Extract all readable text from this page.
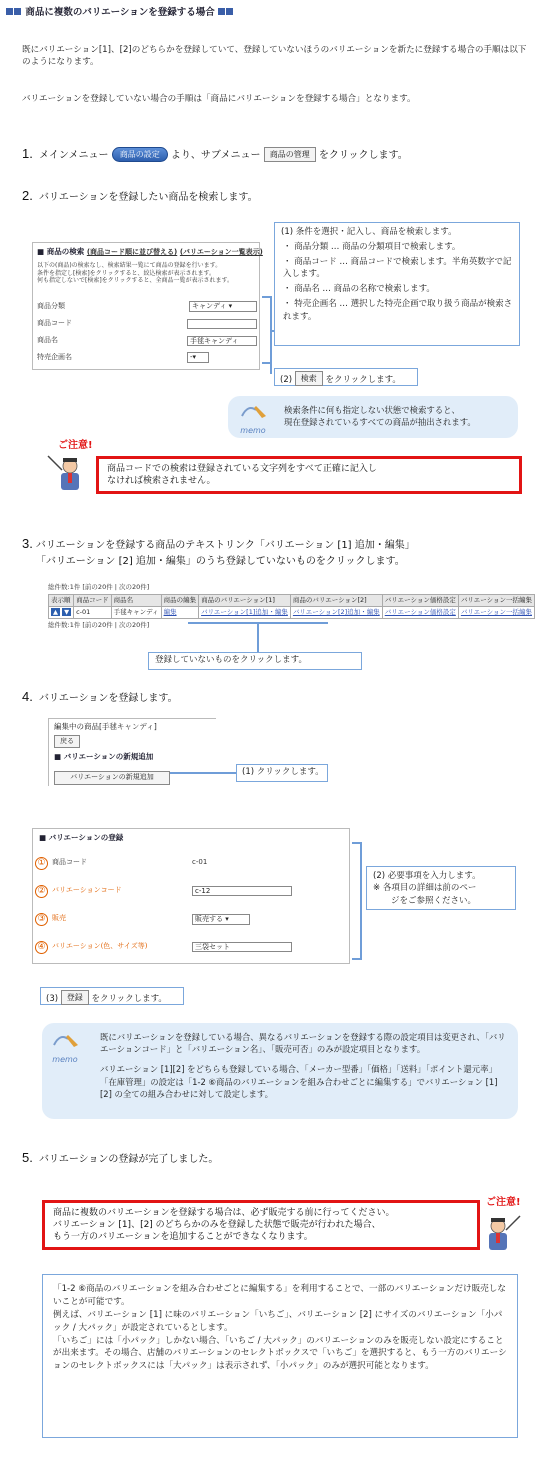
商品に複数のバリエーションを登録する場合
既にバリエーション[1]、[2]のどちらかを登録していて、登録していないほうのバリエーションを新たに登録する場合の手順は以下のようになります。
バリエーションを登録していない場合の手順は「商品にバリエーションを登録する場合」となります。
1. メインメニュー 商品の設定 より、サブメニュー 商品の管理 をクリックします。
2. バリエーションを登録したい商品を検索します。
■ 商品の検索 (商品コード順に並び替える) (バリエーション一覧表示)
以下の(商品)の検索なし、検索結果一覧にて商品の登録を行います。
条件を指定し[検索]をクリックすると、絞込検索が表示されます。
何も指定しないで[検索]をクリックすると、全商品一覧が表示されます。
商品分類	キャンディ ▾
商品コード
商品名	手毬キャンディ
特売企画名	-▾
(1) 条件を選択・記入し、商品を検索します。
・ 商品分類 … 商品の分類項目で検索します。
・ 商品コード … 商品コードで検索します。半角英数字で記入します。
・ 商品名 … 商品の名称で検索します。
・ 特売企画名 … 選択した特売企画で取り扱う商品が検索されます。
(2) 検索 をクリックします。
memo
検索条件に何も指定しない状態で検索すると、
現在登録されているすべての商品が抽出されます。
ご注意!
商品コードでの検索は登録されている文字列をすべて正確に記入し
なければ検索されません。
3. バリエーションを登録する商品のテキストリンク「バリエーション [1] 追加・編集」
「バリエーション [2] 追加・編集」のうち登録していないものをクリックします。
総件数:1件 [前の20件 | 次の20件]
表示順	商品コード	商品名	商品の編集	商品のバリエーション[1]	商品のバリエーション[2]	バリエーション価格設定	バリエーション一括編集
▲ ▼	c-01	手毬キャンディ	編集	バリエーション[1]追加・編集	バリエーション[2]追加・編集	バリエーション価格設定	バリエーション一括編集
総件数:1件 [前の20件 | 次の20件]
登録していないものをクリックします。
4. バリエーションを登録します。
編集中の商品[手毬キャンディ]
戻る
■ バリエーションの新規追加
バリエーションの新規追加	(1) クリックします。
■ バリエーションの登録
① 商品コード	c-01
② バリエーションコード	c-12
③ 販売	販売する ▾
④ バリエーション(色、サイズ等)	三袋セット
(2) 必要事項を入力します。
※ 各項目の詳細は前のペー
ジをご参照ください。
(3) 登録 をクリックします。
memo
既にバリエーションを登録している場合、異なるバリエーションを登録する際の設定項目は変更され、「バリエーションコード」と「バリエーション名」、「販売可否」のみが設定項目となります。
バリエーション [1][2] をどちらも登録している場合、「メーカー型番」「価格」「送料」「ポイント還元率」「在庫管理」の設定は「1-2 ⑥商品のバリエーションを組み合わせごとに編集する」でバリエーション [1][2] の全ての組み合わせに対して設定します。
5. バリエーションの登録が完了しました。
商品に複数のバリエーションを登録する場合は、必ず販売する前に行ってください。
バリエーション [1]、[2] のどちらかのみを登録した状態で販売が行われた場合、
もう一方のバリエーションを追加することができなくなります。
ご注意!
「1-2 ⑥商品のバリエーションを組み合わせごとに編集する」を利用することで、一部のバリエーションだけ販売しないことが可能です。
例えば、バリエーション [1] に味のバリエーション「いちご」、バリエーション [2] にサイズのバリエーション「小パック / 大パック」が設定されているとします。
「いちご」には「小パック」しかない場合、「いちご / 大パック」のバリエーションのみを販売しない設定にすることが出来ます。その場合、店舗のバリエーションのセレクトボックスで「いちご」を選択すると、もう一方のバリエーションのセレクトボックスには「大パック」は表示されず、「小パック」のみが選択可能となります。
